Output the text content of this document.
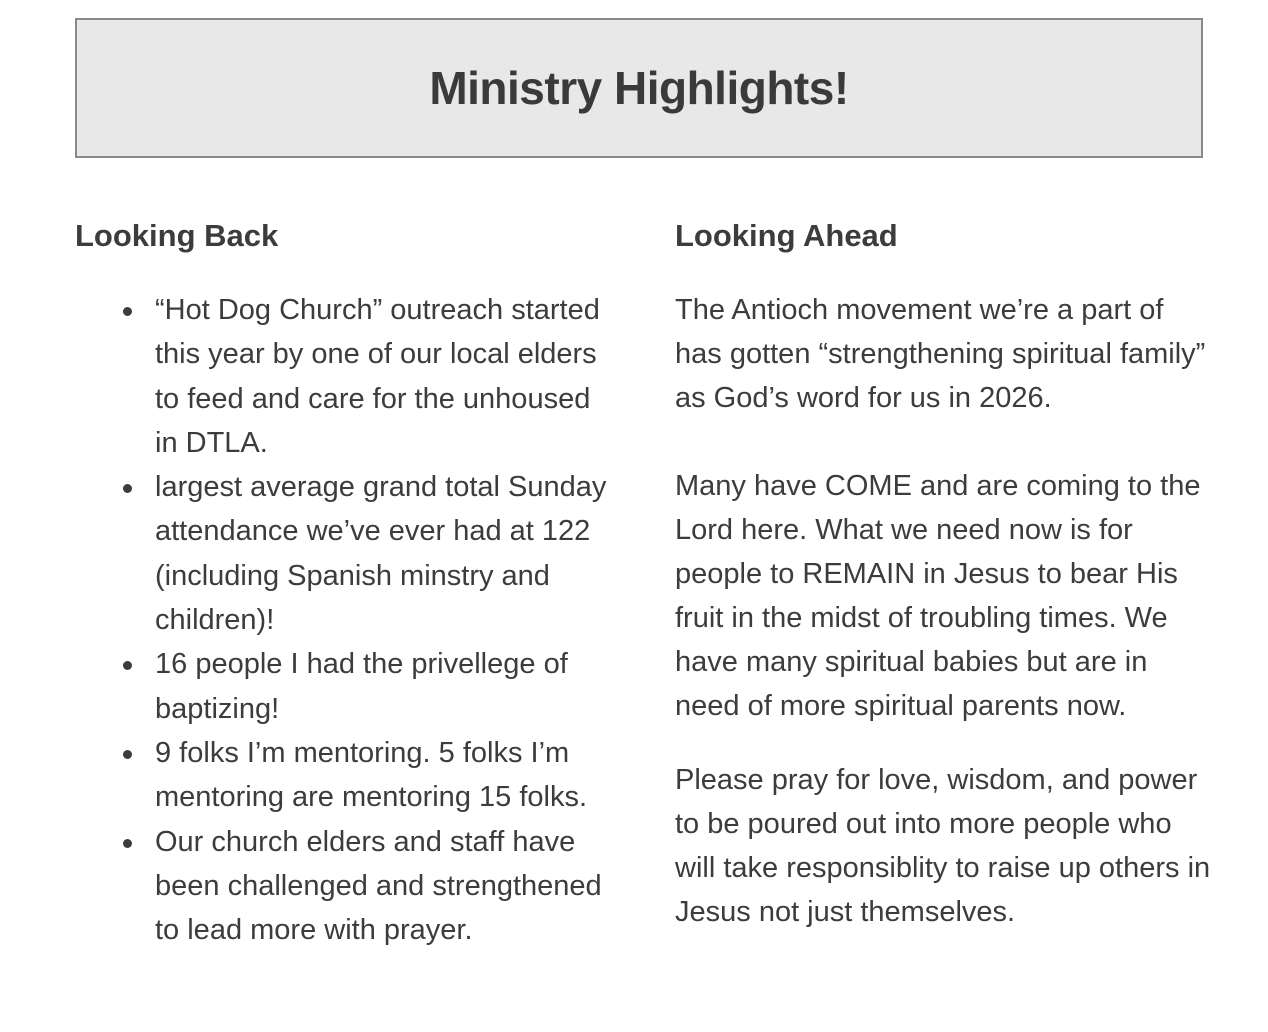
Ministry Highlights!
Looking Back
“Hot Dog Church” outreach started this year by one of our local elders to feed and care for the unhoused in DTLA.
largest average grand total Sunday attendance we’ve ever had at 122 (including Spanish minstry and children)!
16 people I had the privellege of baptizing!
9 folks I’m mentoring. 5 folks I’m mentoring are mentoring 15 folks.
Our church elders and staff have been challenged and strengthened to lead more with prayer.
Looking Ahead

The Antioch movement we’re a part of has gotten “strengthening spiritual family” as God’s word for us in 2026.

Many have COME and are coming to the Lord here. What we need now is for people to REMAIN in Jesus to bear His fruit in the midst of troubling times. We have many spiritual babies but are in need of more spiritual parents now.

Please pray for love, wisdom, and power to be poured out into more people who will take responsiblity to raise up others in Jesus not just themselves.
